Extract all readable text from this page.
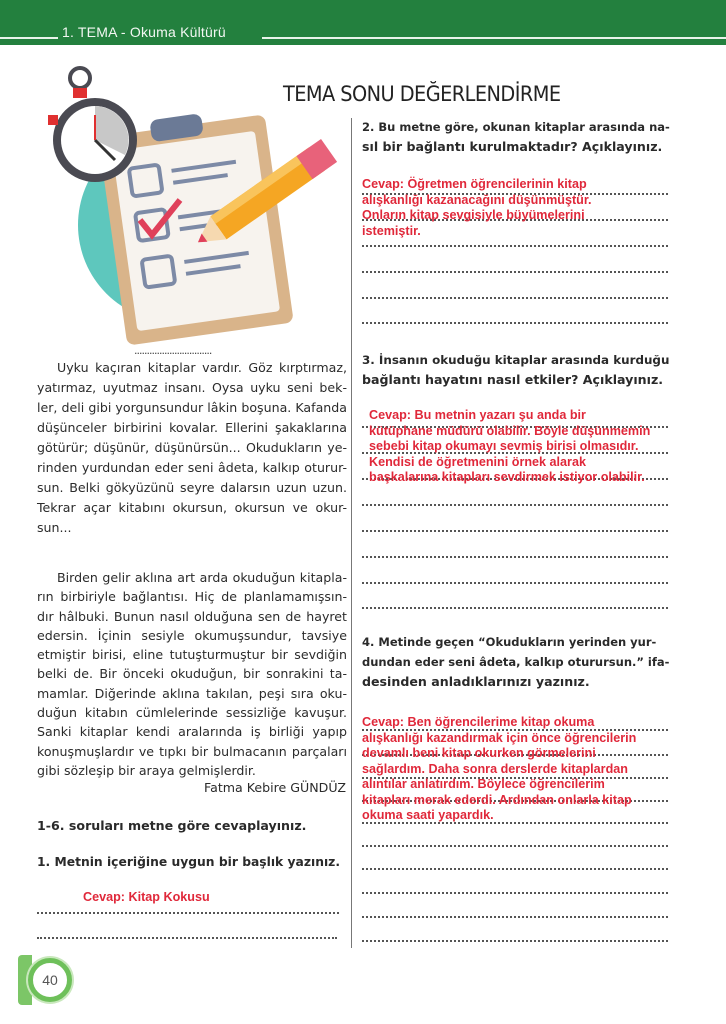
1. TEMA - Okuma Kültürü
TEMA SONU DEĞERLENDİRME
...............................
Uyku kaçıran kitaplar vardır. Göz kırptırmaz,
yatırmaz, uyutmaz insanı. Oysa uyku seni bek-
ler, deli gibi yorgunsundur lâkin boşuna. Kafanda
düşünceler birbirini kovalar. Ellerini şakaklarına
götürür; düşünür, düşünürsün... Okudukların ye-
rinden yurdundan eder seni âdeta, kalkıp oturur-
sun. Belki gökyüzünü seyre dalarsın uzun uzun.
Tekrar açar kitabını okursun, okursun ve okur-
sun...
Birden gelir aklına art arda okuduğun kitapla-
rın birbiriyle bağlantısı. Hiç de planlamamışsın-
dır hâlbuki. Bunun nasıl olduğuna sen de hayret
edersin. İçinin sesiyle okumuşsundur, tavsiye
etmiştir birisi, eline tutuşturmuştur bir sevdiğin
belki de. Bir önceki okuduğun, bir sonrakini ta-
mamlar. Diğerinde aklına takılan, peşi sıra oku-
duğun kitabın cümlelerinde sessizliğe kavuşur.
Sanki kitaplar kendi aralarında iş birliği yapıp
konuşmuşlardır ve tıpkı bir bulmacanın parçaları
gibi sözleşip bir araya gelmişlerdir.
Fatma Kebire GÜNDÜZ
1-6. soruları metne göre cevaplayınız.
1. Metnin içeriğine uygun bir başlık yazınız.
Cevap: Kitap Kokusu
2. Bu metne göre, okunan kitaplar arasında na-
sıl bir bağlantı kurulmaktadır? Açıklayınız.
Cevap: Öğretmen öğrencilerinin kitap
alışkanlığı kazanacağını düşünmüştür.
Onların kitap sevgisiyle büyümelerini
istemiştir.
3. İnsanın okuduğu kitaplar arasında kurduğu
bağlantı hayatını nasıl etkiler? Açıklayınız.
Cevap: Bu metnin yazarı şu anda bir
kütüphane müdürü olabilir. Böyle düşünmemin
sebebi kitap okumayı sevmiş birisi olmasıdır.
Kendisi de öğretmenini örnek alarak
başkalarına kitapları sevdirmek istiyor olabilir.
4. Metinde geçen “Okudukların yerinden yur-
dundan eder seni âdeta, kalkıp oturursun.” ifa-
desinden anladıklarınızı yazınız.
Cevap: Ben öğrencilerime kitap okuma
alışkanlığı kazandırmak için önce öğrencilerin
devamlı beni kitap okurken görmelerini
sağlardım. Daha sonra derslerde kitaplardan
alıntılar anlatırdım. Böylece öğrencilerim
kitapları merak ederdi. Ardından onlarla kitap
okuma saati yapardık.
40
